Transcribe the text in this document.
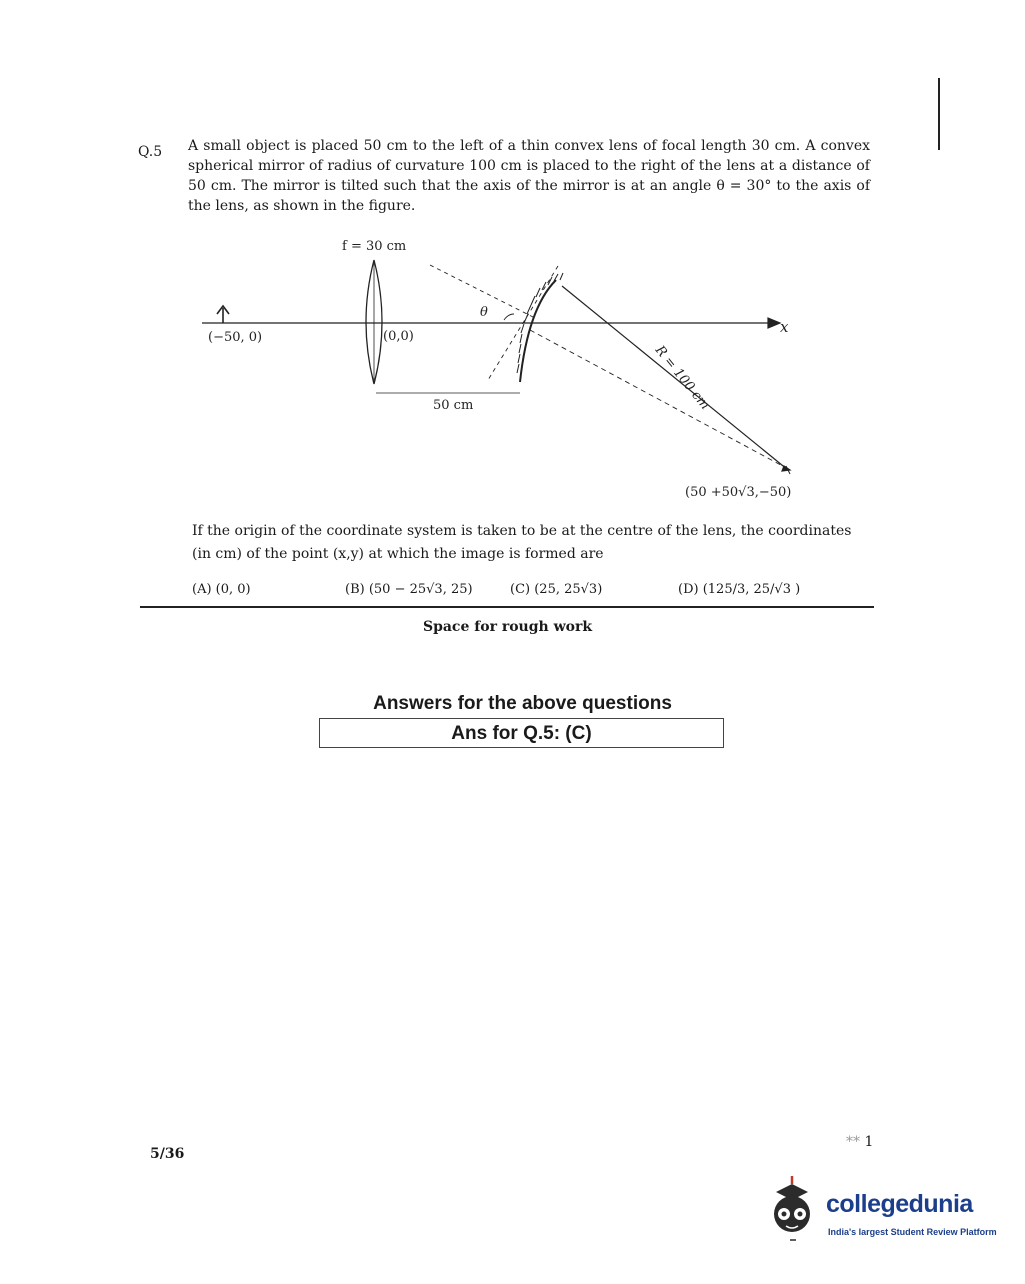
Q.5 A small object is placed 50 cm to the left of a thin convex lens of focal length 30 cm. A convex spherical mirror of radius of curvature 100 cm is placed to the right of the lens at a distance of 50 cm. The mirror is tilted such that the axis of the mirror is at an angle θ = 30° to the axis of the lens, as shown in the figure.
f = 30 cm
(−50, 0)	(0,0)
50 cm
θ
x
R = 100 cm
(50 +50√3,−50)
If the origin of the coordinate system is taken to be at the centre of the lens, the coordinates
(in cm) of the point (x,y) at which the image is formed are
(A) (0, 0)	(B) (50 − 25√3, 25)	(C) (25, 25√3)	(D) (125/3, 25/√3 )
Space for rough work
Answers for the above questions
Ans for Q.5: (C)
5/36
** 1
collegedunia
India's largest Student Review Platform
